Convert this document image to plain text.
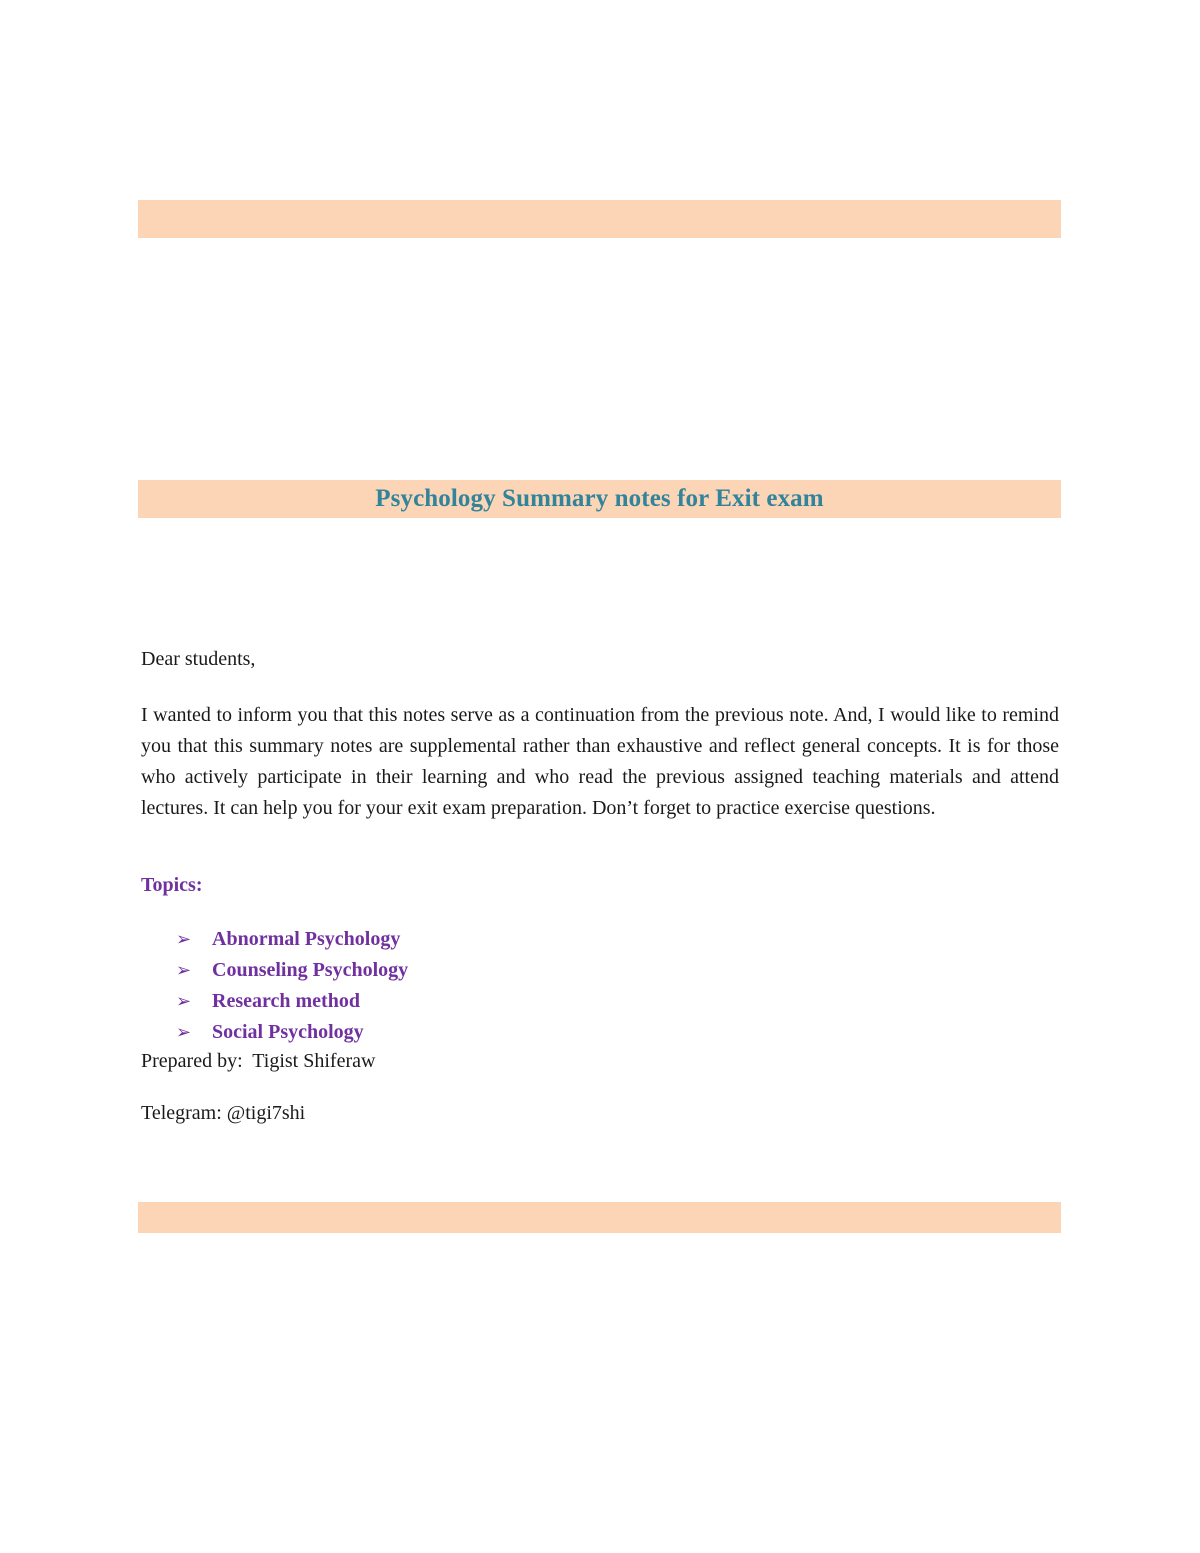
Psychology Summary notes for Exit exam

Dear students,

I wanted to inform you that this notes serve as a continuation from the previous note. And, I would like to remind you that this summary notes are supplemental rather than exhaustive and reflect general concepts. It is for those who actively participate in their learning and who read the previous assigned teaching materials and attend lectures. It can help you for your exit exam preparation. Don’t forget to practice exercise questions.

Topics:

➢	Abnormal Psychology
➢	Counseling Psychology
➢	Research method
➢	Social Psychology

Prepared by:  Tigist Shiferaw

Telegram: @tigi7shi
